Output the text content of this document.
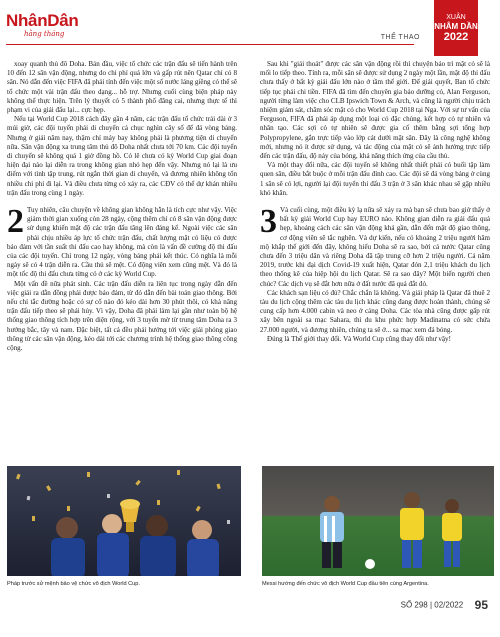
NhânDân
hằng tháng	THỂ THAO
XUÂN
NHÂM DẦN
2022

xoay quanh thủ đô Doha. Bản đầu, việc tổ chức các trận đấu sẽ tiến hành trên 10 đến 12 sân vận động, nhưng do chi phí quá lớn và gấp rút nên Qatar chỉ có 8 sân. Nó dẫn đến việc FIFA đã phải tính đến việc một số nước láng giềng có thể sẽ tổ chức một vài trận đấu theo dạng... hỗ trợ. Nhưng cuối cùng biện pháp này không thể thực hiện. Trên lý thuyết có 5 thành phố đăng cai, nhưng thực tế thì phạm vi của giải đấu lại... cực hẹp.

Nếu tại World Cup 2018 cách đây gần 4 năm, các trận đấu tổ chức trải dài ở 3 múi giờ, các đội tuyển phải di chuyển cả chục nghìn cây số để đá vòng bảng. Nhưng ở giải năm nay, thậm chí máy bay không phải là phương tiện di chuyển nữa. Sân vận động xa trung tâm thủ đô Doha nhất chưa tới 70 km. Các đội tuyển di chuyển sẽ không quá 1 giờ đồng hồ. Có lẽ chưa có kỳ World Cup giai đoạn hiện đại nào lại diễn ra trong không gian nhỏ hẹp đến vậy. Nhưng nó lại là ưu điểm với tình tập trung, rút ngắn thời gian di chuyển, và đương nhiên không tốn nhiều chi phí đi lại. Và điều chưa từng có xảy ra, các CĐV có thể dự khán nhiều trận đấu trong cùng 1 ngày.

2 Tuy nhiên, câu chuyện về không gian không hẳn là tích cực như vậy. Việc giảm thời gian xuống còn 28 ngày, cộng thêm chỉ có 8 sân vận động được sử dụng khiến mật độ các trận đấu tăng lên đáng kể. Ngoài việc các sân phải chịu nhiều áp lực tổ chức trận đấu, chất lượng mặt cỏ liệu có được bảo đảm với tần suất thi đấu cao hay không, mà còn là vấn đề cường độ thi đấu của các đội tuyển. Chỉ trong 12 ngày, vòng bảng phải kết thúc. Có nghĩa là mỗi ngày sẽ có 4 trận diễn ra. Cầu thủ sẽ mệt. Có động viên xem cũng mệt. Và đó là một tốc độ thi đấu chưa từng có ở các kỳ World Cup.

Một vấn đề nữa phát sinh. Các trận đấu diễn ra liên tục trong ngày dẫn đến việc giải ra dẫn đồng phải được bảo đảm, từ đó dẫn đến bài toán giao thông. Bởi nếu chỉ tắc đường hoặc có sự cố nào đó kéo dài hơn 30 phút thôi, có khả năng trận đấu tiếp theo sẽ phải hủy. Vì vậy, Doha đã phải làm lại gần như toàn bộ hệ thống giao thông tích hợp trên diện rộng, với 3 tuyến mờ từ trung tâm Doha ra 3 hướng bắc, tây và nam. Đặc biệt, tất cả đều phải hướng tới việc giải phóng giao thông từ các sân vận động, kéo dài tới các chương trình hệ thống giao thông công cộng.

Sau khi "giải thoát" được các sân vận động rồi thì chuyện bảo trì mặt cỏ sẽ là mối lo tiếp theo. Tính ra, mỗi sân sẽ được sử dụng 2 ngày một lần, mật độ thi đấu chưa thấy ở bất kỳ giải đấu lớn nào ở tầm thế giới. Để giải quyết, Ban tổ chức tiếp tục phải chi tiền. FIFA đã tìm đến chuyên gia bảo dưỡng cỏ, Alan Ferguson, người từng làm việc cho CLB Ipswich Town & Arch, và cũng là người chịu trách nhiệm giám sát, chăm sóc mặt cỏ cho World Cup 2018 tại Nga. Với sự tư vấn của Ferguson, FIFA đã phải áp dụng một loại cỏ đặc chủng, kết hợp cỏ tự nhiên và nhân tạo. Các sợi cỏ tự nhiên sẽ được gia cố thêm bằng sợi tổng hợp Polypropylene, gắn trực tiếp vào lớp cát dưới mặt sân. Đây là công nghệ không mới, nhưng nó ít được sử dụng, và tác động của mặt cỏ sẽ ảnh hưởng trực tiếp đến các trận đấu, độ nảy của bóng, khả năng thích ứng của cầu thủ.

Và một thay đổi nữa, các đội tuyển sẽ không nhất thiết phải có buổi tập làm quen sân, điều bắt buộc ở mỗi trận đấu đỉnh cao. Các đội sẽ đá vòng bảng ở cùng 1 sân sẽ có lợi, người lại đội tuyển thi đấu 3 trận ở 3 sân khác nhau sẽ gặp nhiều khó khăn.

3 Và cuối cùng, một điều kỳ lạ nữa sẽ xảy ra mà bạn sẽ chưa bao giờ thấy ở bất kỳ giải World Cup hay EURO nào. Không gian diễn ra giải đấu quá hẹp, khoảng cách các sân vận động khá gần, dẫn đến mật độ giao thông, cơ động viên sẽ tắc nghẽn. Và dự kiến, nếu có khoảng 2 triệu người hâm mộ khắp thế giới đến đây, không hiểu Doha sẽ ra sao, bởi cả nước Qatar cũng chưa đến 3 triệu dân và riêng Doha đã tập trung cỡ hơn 2 triệu người. Cả năm 2019, trước khi đại dịch Covid-19 xuất hiện, Qatar đón 2,1 triệu khách du lịch theo thống kê của hiệp hội du lịch Qatar. Sẽ ra sao đây? Một biển người chen chúc? Các dịch vụ sẽ đắt hơn nữa ở đất nước đã quá đắt đỏ.

Các khách sạn liệu có đủ? Chắc chắn là không. Và giải pháp là Qatar đã thuê 2 tàu du lịch cộng thêm các tàu du lịch khác cũng đang được hoàn thành, chúng sẽ cung cấp hơn 4.000 cabin và neo ở cảng Doha. Các tòa nhà cũng được gấp rút xây bên ngoài sa mạc Sahara, thì du khu phức hợp Madinatna có sức chứa 27.000 người, và đương nhiên, chúng ta sẽ ở... sa mạc xem đá bóng.

Đúng là Thế giới thay đổi. Và World Cup cũng thay đổi như vậy!

Pháp trước sử mệnh bảo vệ chức vô địch World Cup.	Messi hướng đến chức vô địch World Cup đầu tiên cùng Argentina.
SỐ 298 | 02/2022 95
